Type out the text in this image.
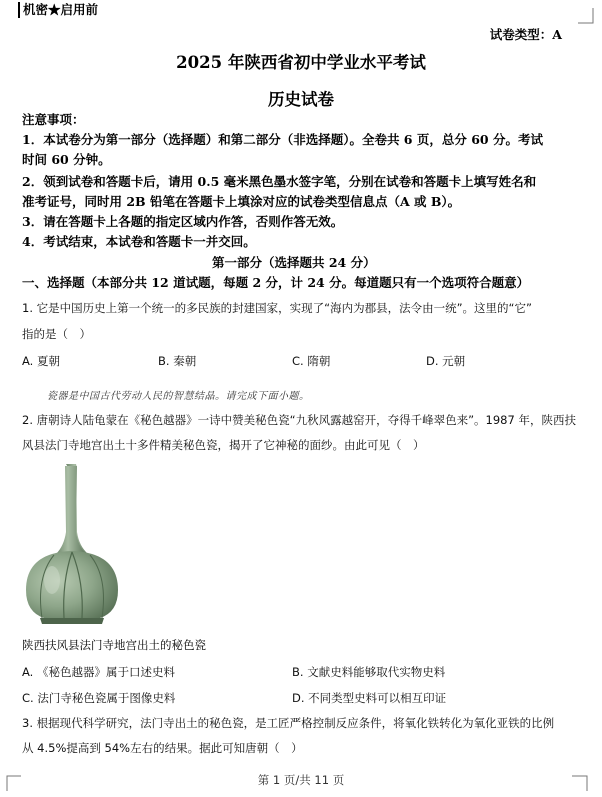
机密★启用前
试卷类型：A
2025 年陕西省初中学业水平考试
历史试卷
注意事项：
1．本试卷分为第一部分（选择题）和第二部分（非选择题）。全卷共 6 页，总分 60 分。考试
时间 60 分钟。
2．领到试卷和答题卡后，请用 0.5 毫米黑色墨水签字笔，分别在试卷和答题卡上填写姓名和
准考证号，同时用 2B 铅笔在答题卡上填涂对应的试卷类型信息点（A 或 B）。
3．请在答题卡上各题的指定区域内作答，否则作答无效。
4．考试结束，本试卷和答题卡一并交回。
第一部分（选择题共 24 分）
一、选择题（本部分共 12 道试题，每题 2 分，计 24 分。每道题只有一个选项符合题意）
1. 它是中国历史上第一个统一的多民族的封建国家，实现了“海内为郡县，法令由一统”。这里的“它”
指的是（　）
A. 夏朝	B. 秦朝	C. 隋朝	D. 元朝
瓷器是中国古代劳动人民的智慧结晶。请完成下面小题。
2. 唐朝诗人陆龟蒙在《秘色越器》一诗中赞美秘色瓷“九秋风露越窑开，夺得千峰翠色来”。1987 年，陕西扶
风县法门寺地宫出土十多件精美秘色瓷，揭开了它神秘的面纱。由此可见（　）
陕西扶风县法门寺地宫出土的秘色瓷
A. 《秘色越器》属于口述史料	B. 文献史料能够取代实物史料
C. 法门寺秘色瓷属于图像史料	D. 不同类型史料可以相互印证
3. 根据现代科学研究，法门寺出土的秘色瓷，是工匠严格控制反应条件，将氧化铁转化为氧化亚铁的比例
从 4.5%提高到 54%左右的结果。据此可知唐朝（　）
第 1 页/共 11 页
